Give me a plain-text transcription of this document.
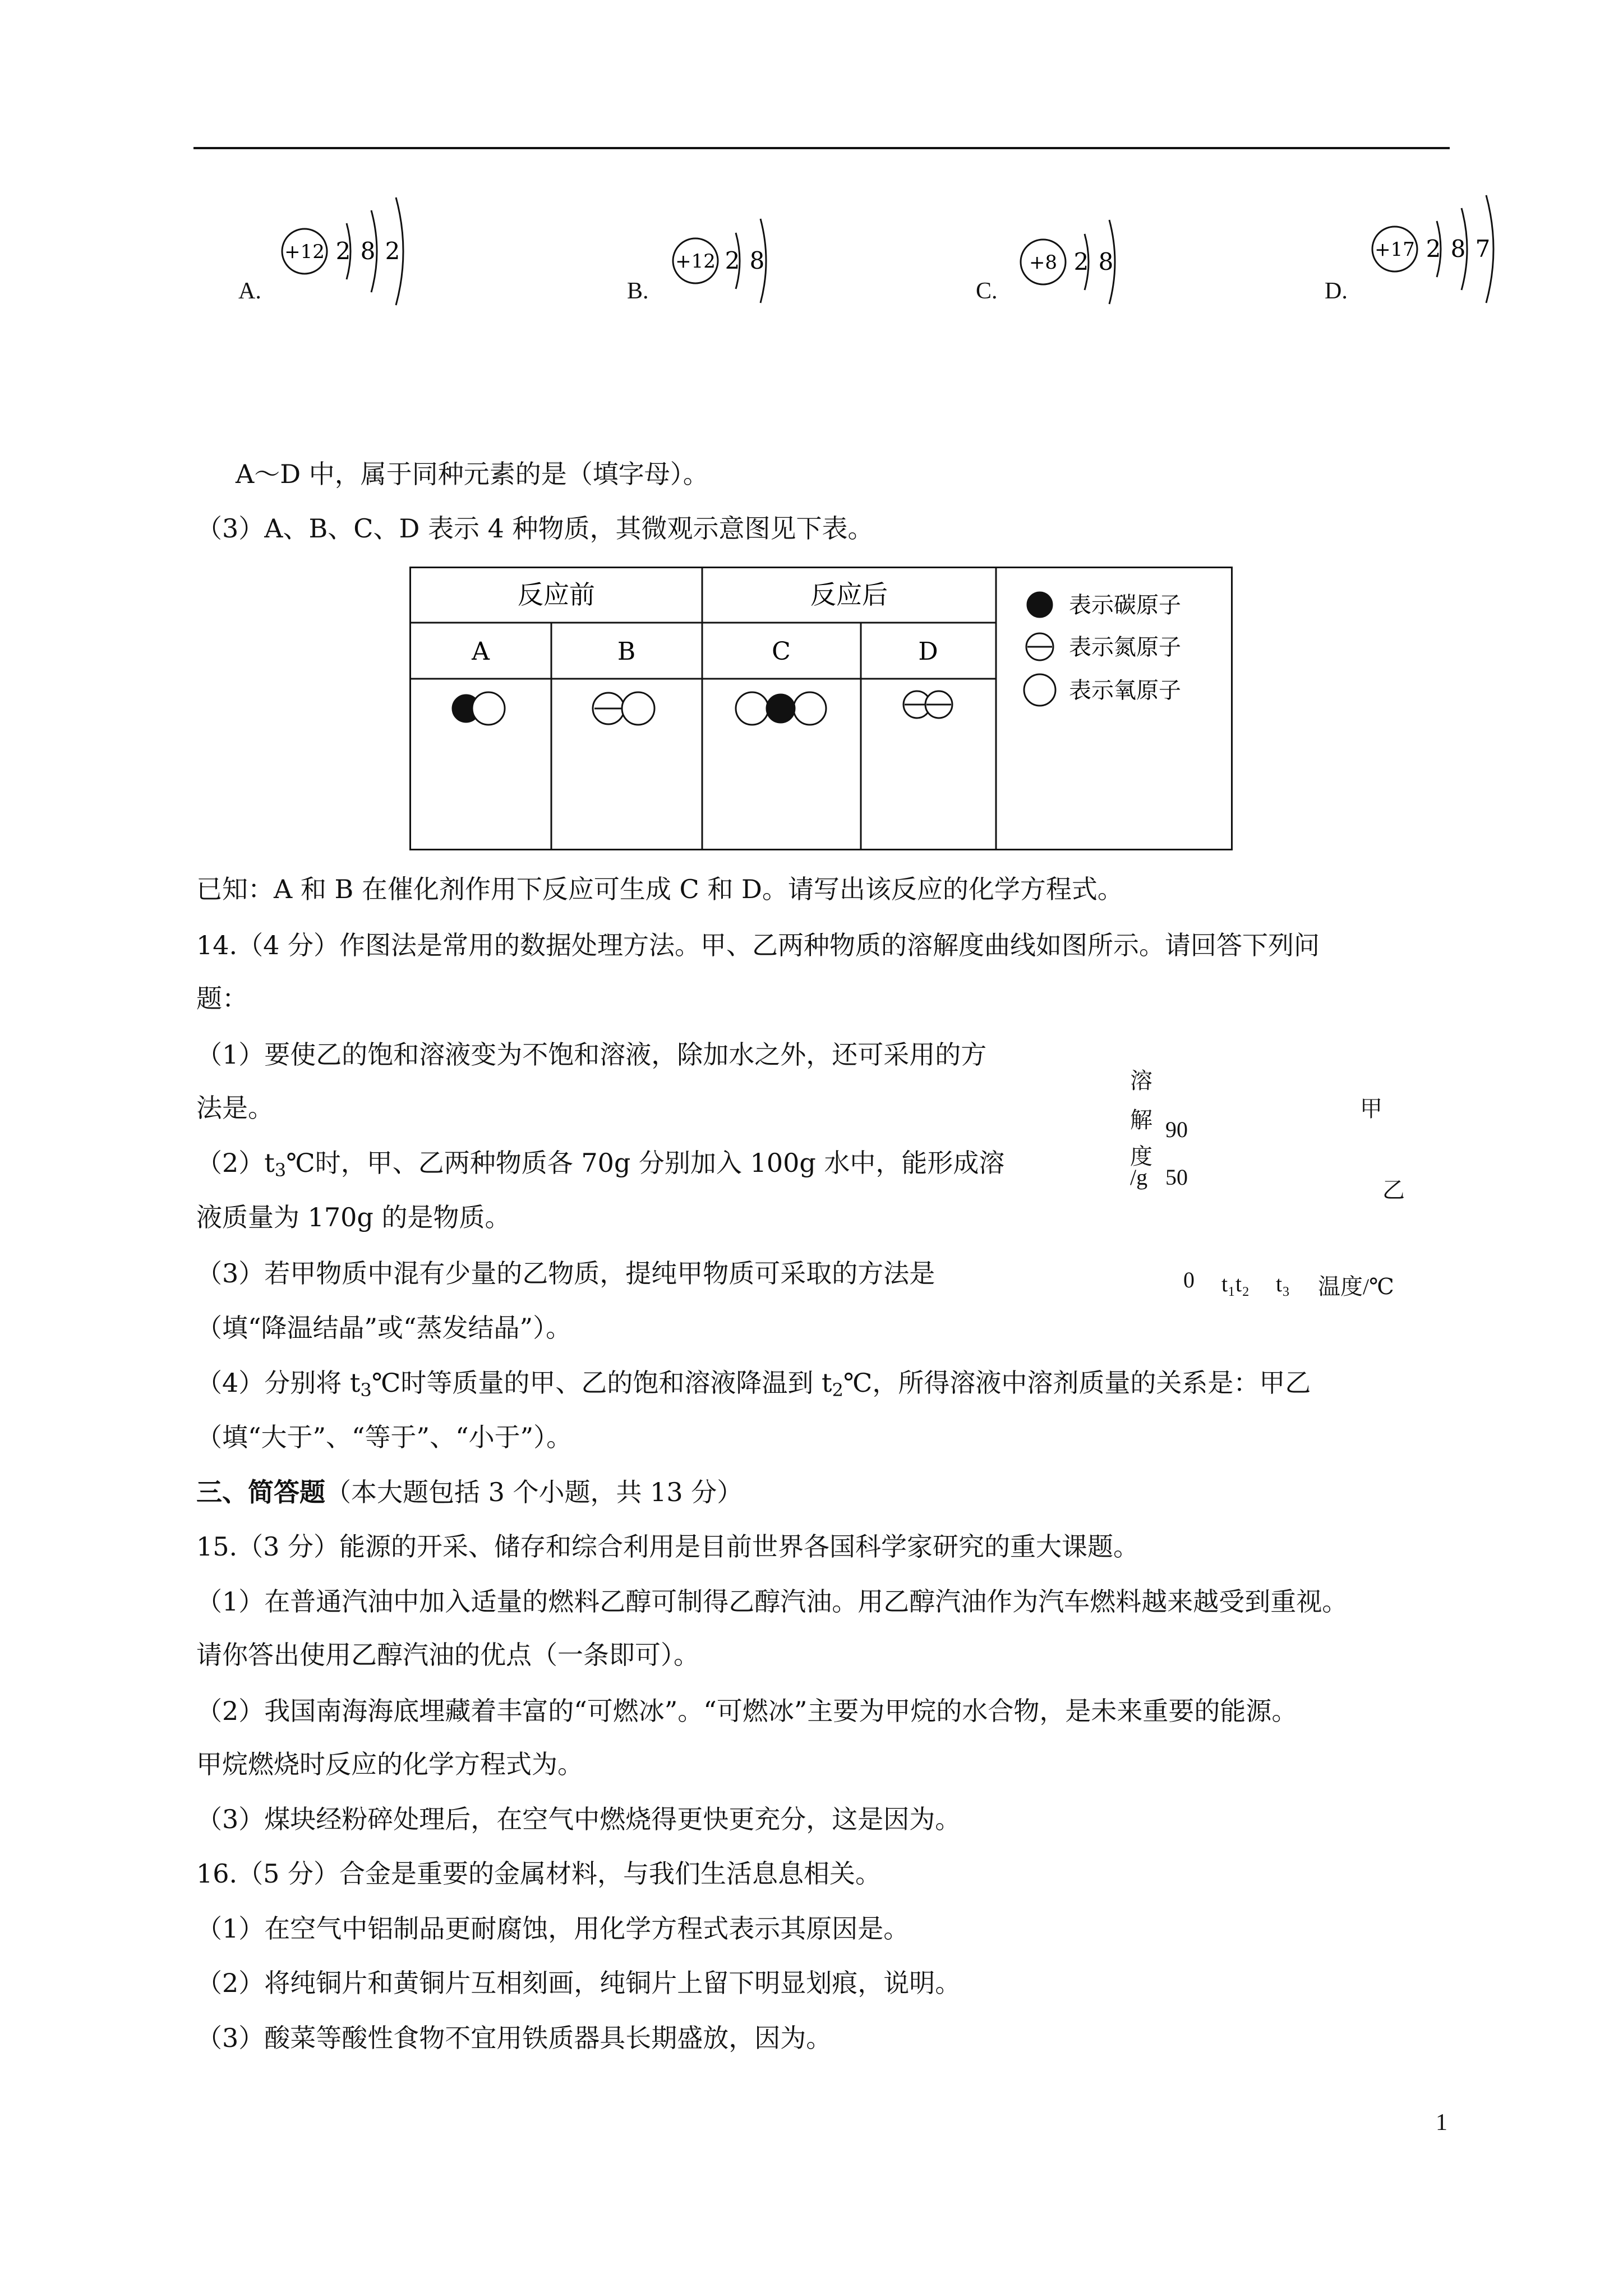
+12 2 8 2	+12 2 8	+8 2 8	+17 2 8 7
A.	B.	C.	D.
A～D 中，属于同种元素的是（填字母）。
（3）A、B、C、D 表示 4 种物质，其微观示意图见下表。
反应前	反应后
A	B	C	D
表示碳原子
表示氮原子
表示氧原子
已知：A 和 B 在催化剂作用下反应可生成 C 和 D。请写出该反应的化学方程式。
14.（4 分）作图法是常用的数据处理方法。甲、乙两种物质的溶解度曲线如图所示。请回答下列问
题：
（1）要使乙的饱和溶液变为不饱和溶液，除加水之外，还可采用的方
法是。
$(2)t_3℃$时，甲、乙两种物质各 70g 分别加入 100g 水中，能形成溶
液质量为 170g 的是物质。
（3）若甲物质中混有少量的乙物质，提纯甲物质可采取的方法是
（填“降温结晶”或“蒸发结晶”）。
（4）分别将 $t_3℃$时等质量的甲、乙的饱和溶液降温到 $t_2℃$，所得溶液中溶剂质量的关系是：甲乙
（填“大于”、“等于”、“小于”）。
溶
解
度
/g
90
50
甲
乙
0 t₁t₂ t₃ 温度/℃
三、简答题（本大题包括 3 个小题，共 13 分）
15.（3 分）能源的开采、储存和综合利用是目前世界各国科学家研究的重大课题。
（1）在普通汽油中加入适量的燃料乙醇可制得乙醇汽油。用乙醇汽油作为汽车燃料越来越受到重视。
请你答出使用乙醇汽油的优点（一条即可）。
（2）我国南海海底埋藏着丰富的“可燃冰”。“可燃冰”主要为甲烷的水合物，是未来重要的能源。
甲烷燃烧时反应的化学方程式为。
（3）煤块经粉碎处理后，在空气中燃烧得更快更充分，这是因为。
16.（5 分）合金是重要的金属材料，与我们生活息息相关。
（1）在空气中铝制品更耐腐蚀，用化学方程式表示其原因是。
（2）将纯铜片和黄铜片互相刻画，纯铜片上留下明显划痕，说明。
（3）酸菜等酸性食物不宜用铁质器具长期盛放，因为。
1
